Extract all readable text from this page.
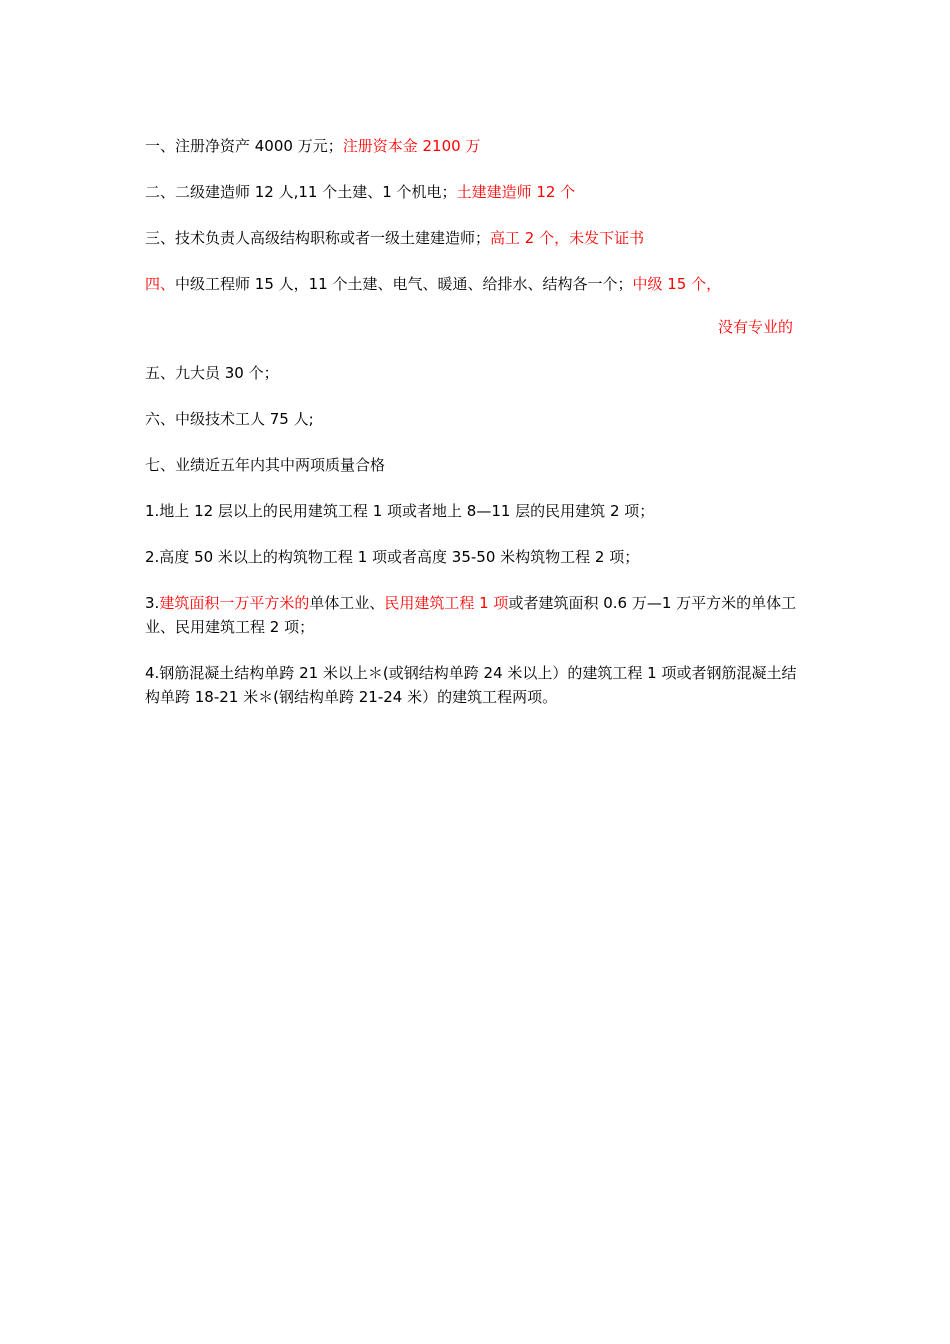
一、注册净资产 4000 万元；注册资本金 2100 万

二、二级建造师 12 人,11 个土建、1 个机电；土建建造师 12 个

三、技术负责人高级结构职称或者一级土建建造师；高工 2 个，未发下证书

四、中级工程师 15 人，11 个土建、电气、暖通、给排水、结构各一个；中级 15 个，

没有专业的

五、九大员 30 个；

六、中级技术工人 75 人;

七、业绩近五年内其中两项质量合格

1.地上 12 层以上的民用建筑工程 1 项或者地上 8—11 层的民用建筑 2 项；

2.高度 50 米以上的构筑物工程 1 项或者高度 35-50 米构筑物工程 2 项；

3.建筑面积一万平方米的单体工业、民用建筑工程 1 项或者建筑面积 0.6 万—1 万平方米的单体工业、民用建筑工程 2 项；

4.钢筋混凝土结构单跨 21 米以上＊(或钢结构单跨 24 米以上）的建筑工程 1 项或者钢筋混凝土结构单跨 18-21 米＊(钢结构单跨 21-24 米）的建筑工程两项。
